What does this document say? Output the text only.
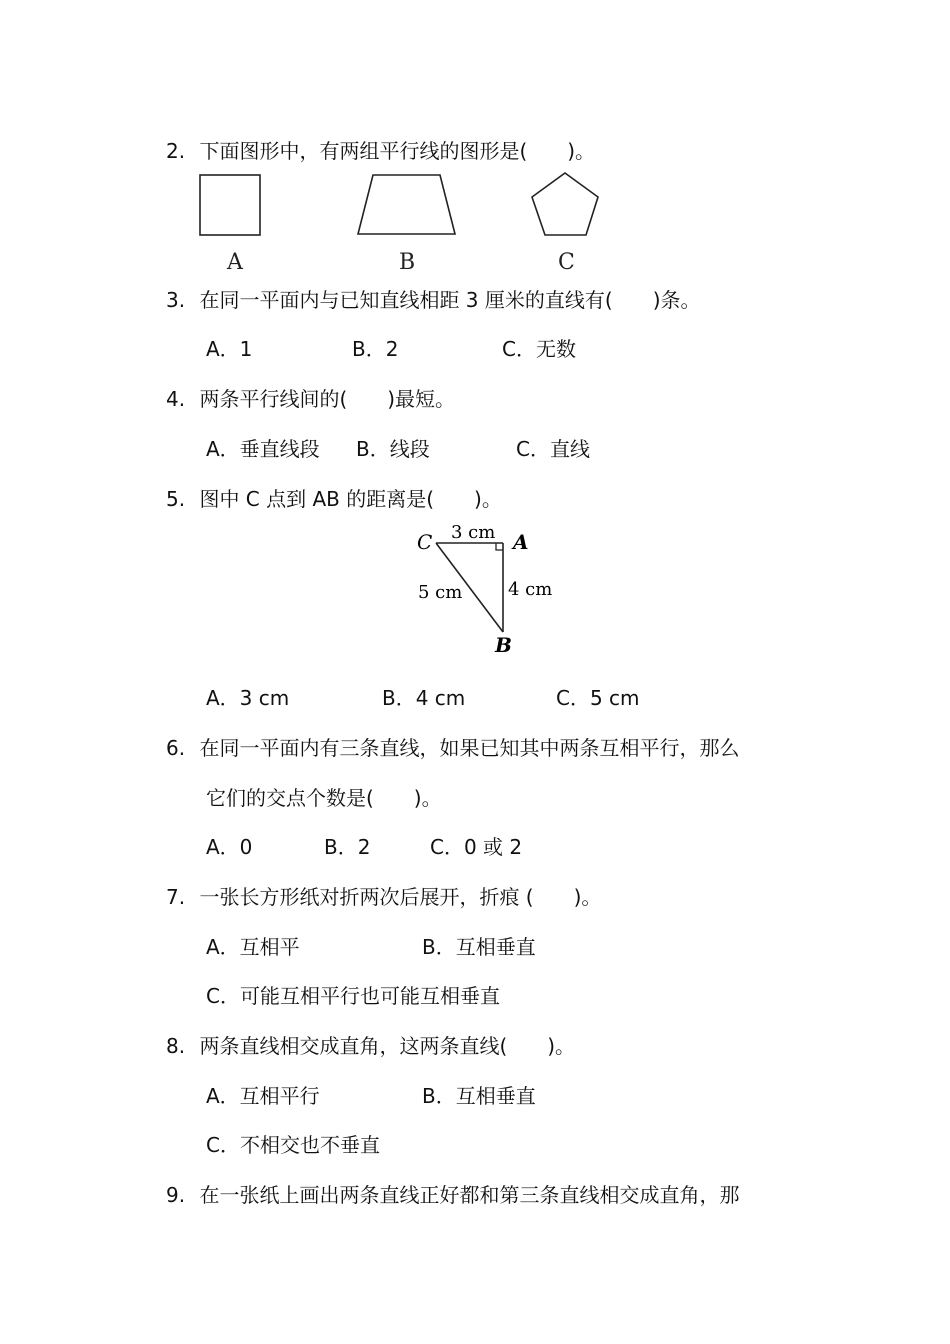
2. 下面图形中，有两组平行线的图形是(　　)。
A	B	C
3. 在同一平面内与已知直线相距 3 厘米的直线有(　　)条。
A．1	B．2	C．无数
4. 两条平行线间的(　　)最短。
A．垂直线段 B．线段	C．直线
5. 图中 C 点到 AB 的距离是(　　)。
C	A
B
3 cm
4 cm
5 cm
A．3 cm	B．4 cm	C．5 cm
6. 在同一平面内有三条直线，如果已知其中两条互相平行，那么
它们的交点个数是(　　)。
A．0	B．2	C．0 或 2
7. 一张长方形纸对折两次后展开，折痕 (　　)。
A．互相平	B．互相垂直
C．可能互相平行也可能互相垂直
8. 两条直线相交成直角，这两条直线(　　)。
A．互相平行	B．互相垂直
C．不相交也不垂直
9. 在一张纸上画出两条直线正好都和第三条直线相交成直角，那
